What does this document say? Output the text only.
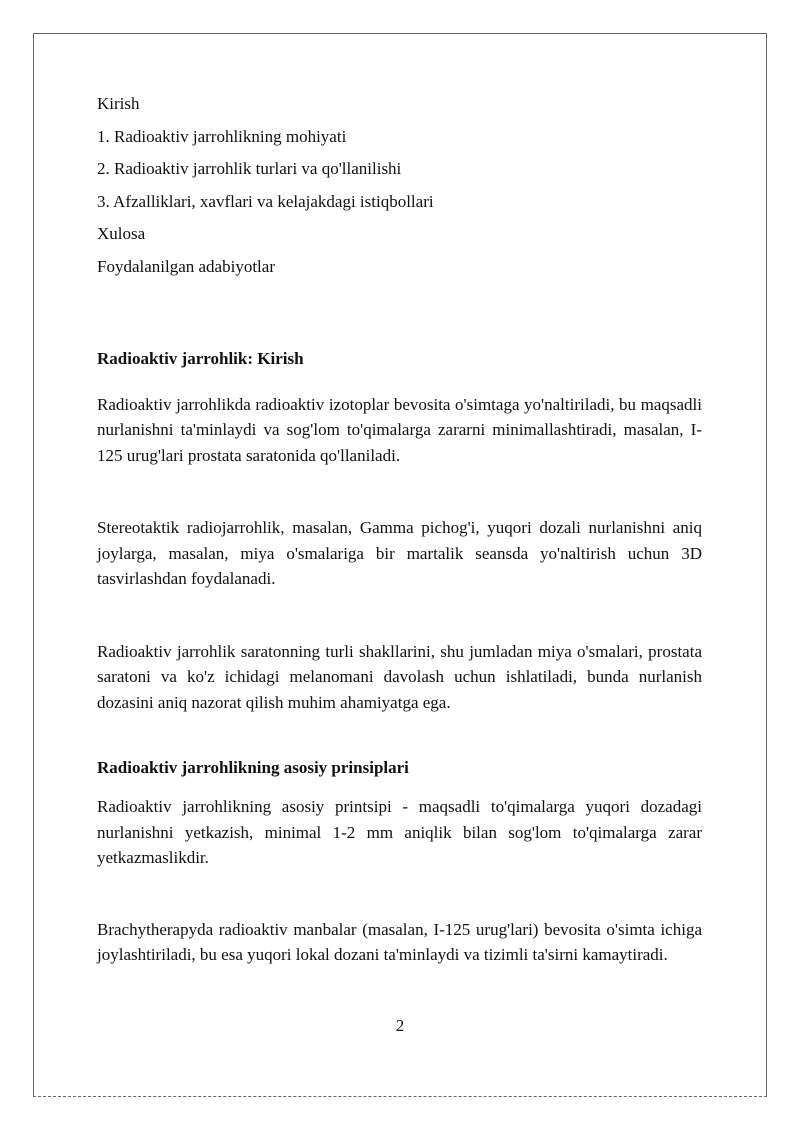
Kirish
1. Radioaktiv jarrohlikning mohiyati
2. Radioaktiv jarrohlik turlari va qo'llanilishi
3. Afzalliklari, xavflari va kelajakdagi istiqbollari
Xulosa
Foydalanilgan adabiyotlar
Radioaktiv jarrohlik: Kirish

Radioaktiv jarrohlikda radioaktiv izotoplar bevosita o'simtaga yo'naltiriladi, bu maqsadli nurlanishni ta'minlaydi va sog'lom to'qimalarga zararni minimallashtiradi, masalan, I-125 urug'lari prostata saratonida qo'llaniladi.

Stereotaktik radiojarrohlik, masalan, Gamma pichog'i, yuqori dozali nurlanishni aniq joylarga, masalan, miya o'smalariga bir martalik seansda yo'naltirish uchun 3D tasvirlashdan foydalanadi.

Radioaktiv jarrohlik saratonning turli shakllarini, shu jumladan miya o'smalari, prostata saratoni va ko'z ichidagi melanomani davolash uchun ishlatiladi, bunda nurlanish dozasini aniq nazorat qilish muhim ahamiyatga ega.

Radioaktiv jarrohlikning asosiy prinsiplari

Radioaktiv jarrohlikning asosiy printsipi - maqsadli to'qimalarga yuqori dozadagi nurlanishni yetkazish, minimal 1-2 mm aniqlik bilan sog'lom to'qimalarga zarar yetkazmaslikdir.

Brachytherapyda radioaktiv manbalar (masalan, I-125 urug'lari) bevosita o'simta ichiga joylashtiriladi, bu esa yuqori lokal dozani ta'minlaydi va tizimli ta'sirni kamaytiradi.

2
